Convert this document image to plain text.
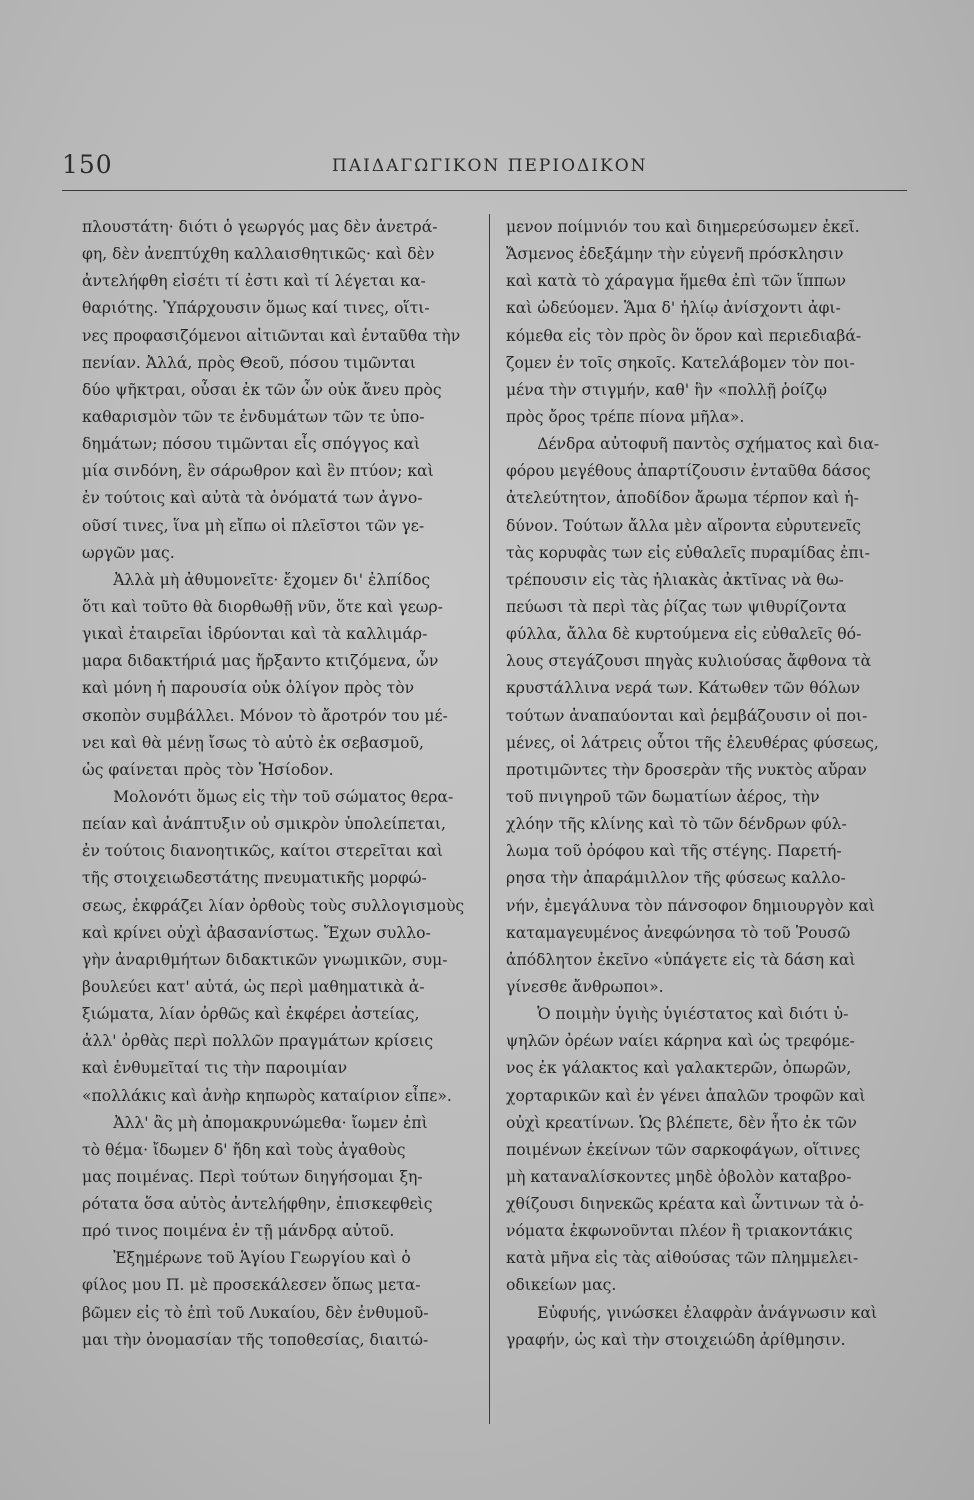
150	ΠΑΙΔΑΓΩΓΙΚΟΝ ΠΕΡΙΟΔΙΚΟΝ
πλουστάτη· διότι ὁ γεωργός μας δὲν ἀνετρά-
φη, δὲν ἀνεπτύχθη καλλαισθητικῶς· καὶ δὲν
ἀντελήφθη εἰσέτι τί ἐστι καὶ τί λέγεται κα-
θαριότης. Ὑπάρχουσιν ὅμως καί τινες, οἵτι-
νες προφασιζόμενοι αἰτιῶνται καὶ ἐνταῦθα τὴν
πενίαν. Ἀλλά, πρὸς Θεοῦ, πόσου τιμῶνται
δύο ψῆκτραι, οὖσαι ἐκ τῶν ὧν οὐκ ἄνευ πρὸς
καθαρισμὸν τῶν τε ἐνδυμάτων τῶν τε ὑπο-
δημάτων; πόσου τιμῶνται εἷς σπόγγος καὶ
μία σινδόνη, ἓν σάρωθρον καὶ ἓν πτύον; καὶ
ἐν τούτοις καὶ αὐτὰ τὰ ὀνόματά των ἀγνο-
οῦσί τινες, ἵνα μὴ εἴπω οἱ πλεῖστοι τῶν γε-
ωργῶν μας.
  Ἀλλὰ μὴ ἀθυμονεῖτε· ἔχομεν δι' ἐλπίδος
ὅτι καὶ τοῦτο θὰ διορθωθῇ νῦν, ὅτε καὶ γεωρ-
γικαὶ ἑταιρεῖαι ἱδρύονται καὶ τὰ καλλιμάρ-
μαρα διδακτήριά μας ἤρξαντο κτιζόμενα, ὧν
καὶ μόνη ἡ παρουσία οὐκ ὀλίγον πρὸς τὸν
σκοπὸν συμβάλλει. Μόνον τὸ ἄροτρόν του μέ-
νει καὶ θὰ μένῃ ἴσως τὸ αὐτὸ ἐκ σεβασμοῦ,
ὡς φαίνεται πρὸς τὸν Ἡσίοδον.
  Μολονότι ὅμως εἰς τὴν τοῦ σώματος θερα-
πείαν καὶ ἀνάπτυξιν οὐ σμικρὸν ὑπολείπεται,
ἐν τούτοις διανοητικῶς, καίτοι στερεῖται καὶ
τῆς στοιχειωδεστάτης πνευματικῆς μορφώ-
σεως, ἐκφράζει λίαν ὀρθοὺς τοὺς συλλογισμοὺς
καὶ κρίνει οὐχὶ ἀβασανίστως. Ἔχων συλλο-
γὴν ἀναριθμήτων διδακτικῶν γνωμικῶν, συμ-
βουλεύει κατ' αὐτά, ὡς περὶ μαθηματικὰ ἀ-
ξιώματα, λίαν ὀρθῶς καὶ ἐκφέρει ἀστείας,
ἀλλ' ὀρθὰς περὶ πολλῶν πραγμάτων κρίσεις
καὶ ἐνθυμεῖταί τις τὴν παροιμίαν
«πολλάκις καὶ ἀνὴρ κηπωρὸς καταίριον εἶπε».
  Ἀλλ' ἂς μὴ ἀπομακρυνώμεθα· ἴωμεν ἐπὶ
τὸ θέμα· ἴδωμεν δ' ἤδη καὶ τοὺς ἀγαθοὺς
μας ποιμένας. Περὶ τούτων διηγήσομαι ξη-
ρότατα ὅσα αὐτὸς ἀντελήφθην, ἐπισκεφθεὶς
πρό τινος ποιμένα ἐν τῇ μάνδρᾳ αὐτοῦ.
  Ἐξημέρωνε τοῦ Ἁγίου Γεωργίου καὶ ὁ
φίλος μου Π. μὲ προσεκάλεσεν ὅπως μετα-
βῶμεν εἰς τὸ ἐπὶ τοῦ Λυκαίου, δὲν ἐνθυμοῦ-
μαι τὴν ὀνομασίαν τῆς τοποθεσίας, διαιτώ-
μενον ποίμνιόν του καὶ διημερεύσωμεν ἐκεῖ.
Ἄσμενος ἐδεξάμην τὴν εὐγενῆ πρόσκλησιν
καὶ κατὰ τὸ χάραγμα ἥμεθα ἐπὶ τῶν ἵππων
καὶ ὡδεύομεν. Ἅμα δ' ἡλίῳ ἀνίσχοντι ἀφι-
κόμεθα εἰς τὸν πρὸς ὃν ὅρον καὶ περιεδιαβά-
ζομεν ἐν τοῖς σηκοῖς. Κατελάβομεν τὸν ποι-
μένα τὴν στιγμήν, καθ' ἣν «πολλῇ ῥοίζῳ
πρὸς ὄρος τρέπε πίονα μῆλα».
  Δένδρα αὐτοφυῆ παντὸς σχήματος καὶ δια-
φόρου μεγέθους ἀπαρτίζουσιν ἐνταῦθα δάσος
ἀτελεύτητον, ἀποδίδον ἄρωμα τέρπον καὶ ἡ-
δύνον. Τούτων ἄλλα μὲν αἴροντα εὐρυτενεῖς
τὰς κορυφὰς των εἰς εὐθαλεῖς πυραμίδας ἐπι-
τρέπουσιν εἰς τὰς ἡλιακὰς ἀκτῖνας νὰ θω-
πεύωσι τὰ περὶ τὰς ῥίζας των ψιθυρίζοντα
φύλλα, ἄλλα δὲ κυρτούμενα εἰς εὐθαλεῖς θό-
λους στεγάζουσι πηγὰς κυλιούσας ἄφθονα τὰ
κρυστάλλινα νερά των. Κάτωθεν τῶν θόλων
τούτων ἀναπαύονται καὶ ῥεμβάζουσιν οἱ ποι-
μένες, οἱ λάτρεις οὗτοι τῆς ἐλευθέρας φύσεως,
προτιμῶντες τὴν δροσερὰν τῆς νυκτὸς αὔραν
τοῦ πνιγηροῦ τῶν δωματίων ἀέρος, τὴν
χλόην τῆς κλίνης καὶ τὸ τῶν δένδρων φύλ-
λωμα τοῦ ὀρόφου καὶ τῆς στέγης. Παρετή-
ρησα τὴν ἀπαράμιλλον τῆς φύσεως καλλο-
νήν, ἐμεγάλυνα τὸν πάνσοφον δημιουργὸν καὶ
καταμαγευμένος ἀνεφώνησα τὸ τοῦ Ῥουσῶ
ἀπόδλητον ἐκεῖνο «ὑπάγετε εἰς τὰ δάση καὶ
γίνεσθε ἄνθρωποι».
  Ὁ ποιμὴν ὑγιὴς ὑγιέστατος καὶ διότι ὑ-
ψηλῶν ὀρέων ναίει κάρηνα καὶ ὡς τρεφόμε-
νος ἐκ γάλακτος καὶ γαλακτερῶν, ὀπωρῶν,
χορταρικῶν καὶ ἐν γένει ἁπαλῶν τροφῶν καὶ
οὐχὶ κρεατίνων. Ὡς βλέπετε, δὲν ἦτο ἐκ τῶν
ποιμένων ἐκείνων τῶν σαρκοφάγων, οἵτινες
μὴ καταναλίσκοντες μηδὲ ὀβολὸν καταβρο-
χθίζουσι διηνεκῶς κρέατα καὶ ὧντινων τὰ ὀ-
νόματα ἐκφωνοῦνται πλέον ἢ τριακοντάκις
κατὰ μῆνα εἰς τὰς αἰθούσας τῶν πλημμελει-
οδικείων μας.
  Εὐφυής, γινώσκει ἐλαφρὰν ἀνάγνωσιν καὶ
γραφήν, ὡς καὶ τὴν στοιχειώδη ἀρίθμησιν.
